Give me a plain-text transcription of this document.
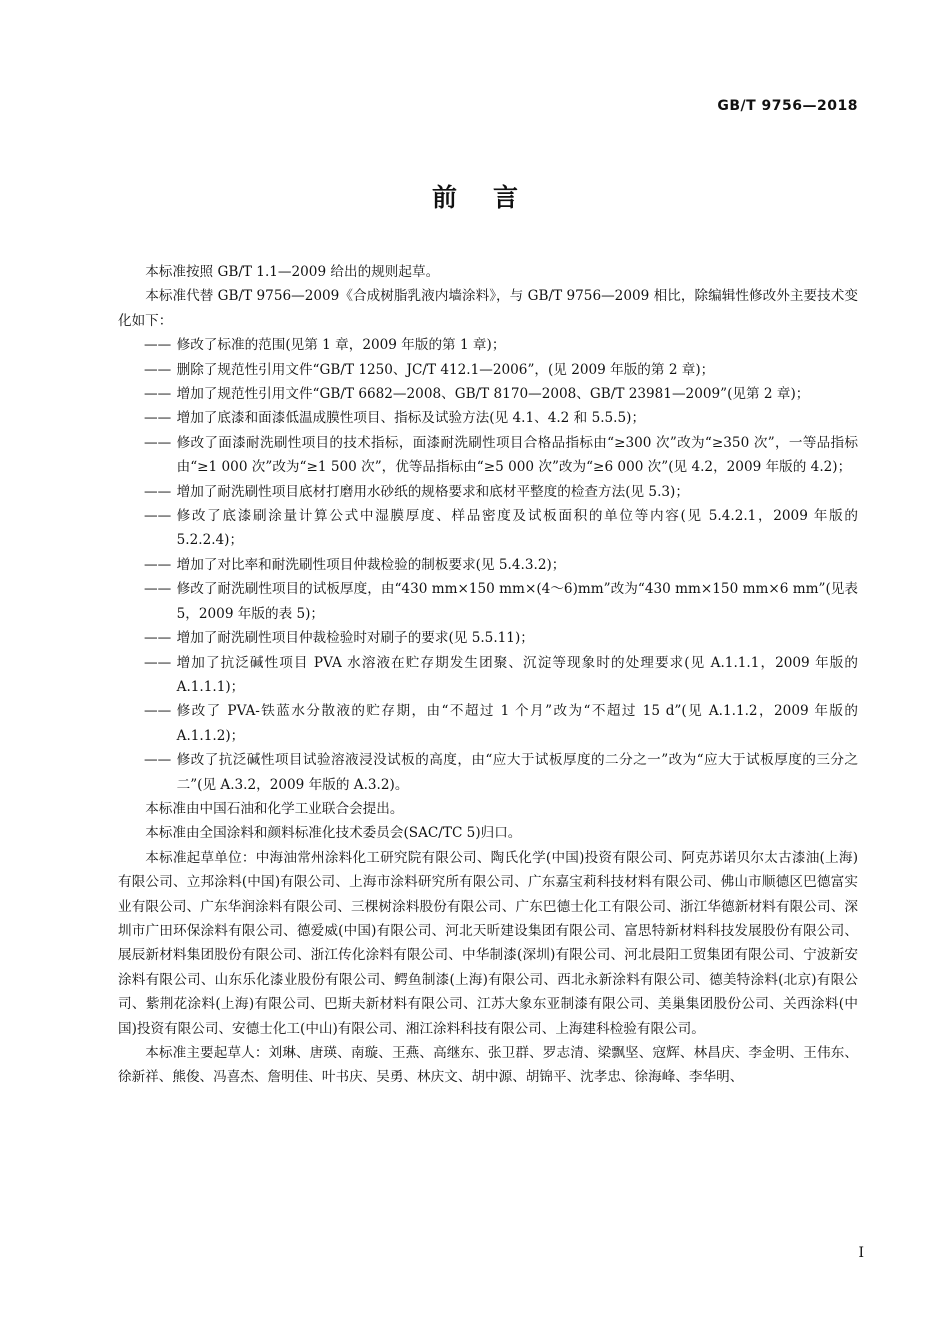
GB/T 9756—2018
前言

本标准按照 GB/T 1.1—2009 给出的规则起草。

本标准代替 GB/T 9756—2009《合成树脂乳液内墙涂料》，与 GB/T 9756—2009 相比，除编辑性修改外主要技术变化如下：

—— 修改了标准的范围(见第 1 章，2009 年版的第 1 章)；
—— 删除了规范性引用文件“GB/T 1250、JC/T 412.1—2006”，(见 2009 年版的第 2 章)；
—— 增加了规范性引用文件“GB/T 6682—2008、GB/T 8170—2008、GB/T 23981—2009”(见第 2 章)；
—— 增加了底漆和面漆低温成膜性项目、指标及试验方法(见 4.1、4.2 和 5.5.5)；
—— 修改了面漆耐洗刷性项目的技术指标，面漆耐洗刷性项目合格品指标由“≥300 次”改为“≥350 次”，一等品指标由“≥1 000 次”改为“≥1 500 次”，优等品指标由“≥5 000 次”改为“≥6 000 次”(见 4.2，2009 年版的 4.2)；
—— 增加了耐洗刷性项目底材打磨用水砂纸的规格要求和底材平整度的检查方法(见 5.3)；
—— 修改了底漆刷涂量计算公式中湿膜厚度、样品密度及试板面积的单位等内容(见 5.4.2.1，2009 年版的 5.2.2.4)；
—— 增加了对比率和耐洗刷性项目仲裁检验的制板要求(见 5.4.3.2)；
—— 修改了耐洗刷性项目的试板厚度，由“430 mm×150 mm×(4～6)mm”改为“430 mm×150 mm×6 mm”(见表 5，2009 年版的表 5)；
—— 增加了耐洗刷性项目仲裁检验时对刷子的要求(见 5.5.11)；
—— 增加了抗泛碱性项目 PVA 水溶液在贮存期发生团聚、沉淀等现象时的处理要求(见 A.1.1.1，2009 年版的 A.1.1.1)；
—— 修改了 PVA-铁蓝水分散液的贮存期，由“不超过 1 个月”改为“不超过 15 d”(见 A.1.1.2，2009 年版的 A.1.1.2)；
—— 修改了抗泛碱性项目试验溶液浸没试板的高度，由“应大于试板厚度的二分之一”改为“应大于试板厚度的三分之二”(见 A.3.2，2009 年版的 A.3.2)。

本标准由中国石油和化学工业联合会提出。

本标准由全国涂料和颜料标准化技术委员会(SAC/TC 5)归口。

本标准起草单位：中海油常州涂料化工研究院有限公司、陶氏化学(中国)投资有限公司、阿克苏诺贝尔太古漆油(上海)有限公司、立邦涂料(中国)有限公司、上海市涂料研究所有限公司、广东嘉宝莉科技材料有限公司、佛山市顺德区巴德富实业有限公司、广东华润涂料有限公司、三棵树涂料股份有限公司、广东巴德士化工有限公司、浙江华德新材料有限公司、深圳市广田环保涂料有限公司、德爱威(中国)有限公司、河北天昕建设集团有限公司、富思特新材料科技发展股份有限公司、展辰新材料集团股份有限公司、浙江传化涂料有限公司、中华制漆(深圳)有限公司、河北晨阳工贸集团有限公司、宁波新安涂料有限公司、山东乐化漆业股份有限公司、鳄鱼制漆(上海)有限公司、西北永新涂料有限公司、德美特涂料(北京)有限公司、紫荆花涂料(上海)有限公司、巴斯夫新材料有限公司、江苏大象东亚制漆有限公司、美巢集团股份公司、关西涂料(中国)投资有限公司、安德士化工(中山)有限公司、湘江涂料科技有限公司、上海建科检验有限公司。

本标准主要起草人：刘琳、唐瑛、南璇、王燕、高继东、张卫群、罗志清、梁飘坚、寇辉、林昌庆、李金明、王伟东、徐新祥、熊俊、冯喜杰、詹明佳、叶书庆、吴勇、林庆文、胡中源、胡锦平、沈孝忠、徐海峰、李华明、

I
